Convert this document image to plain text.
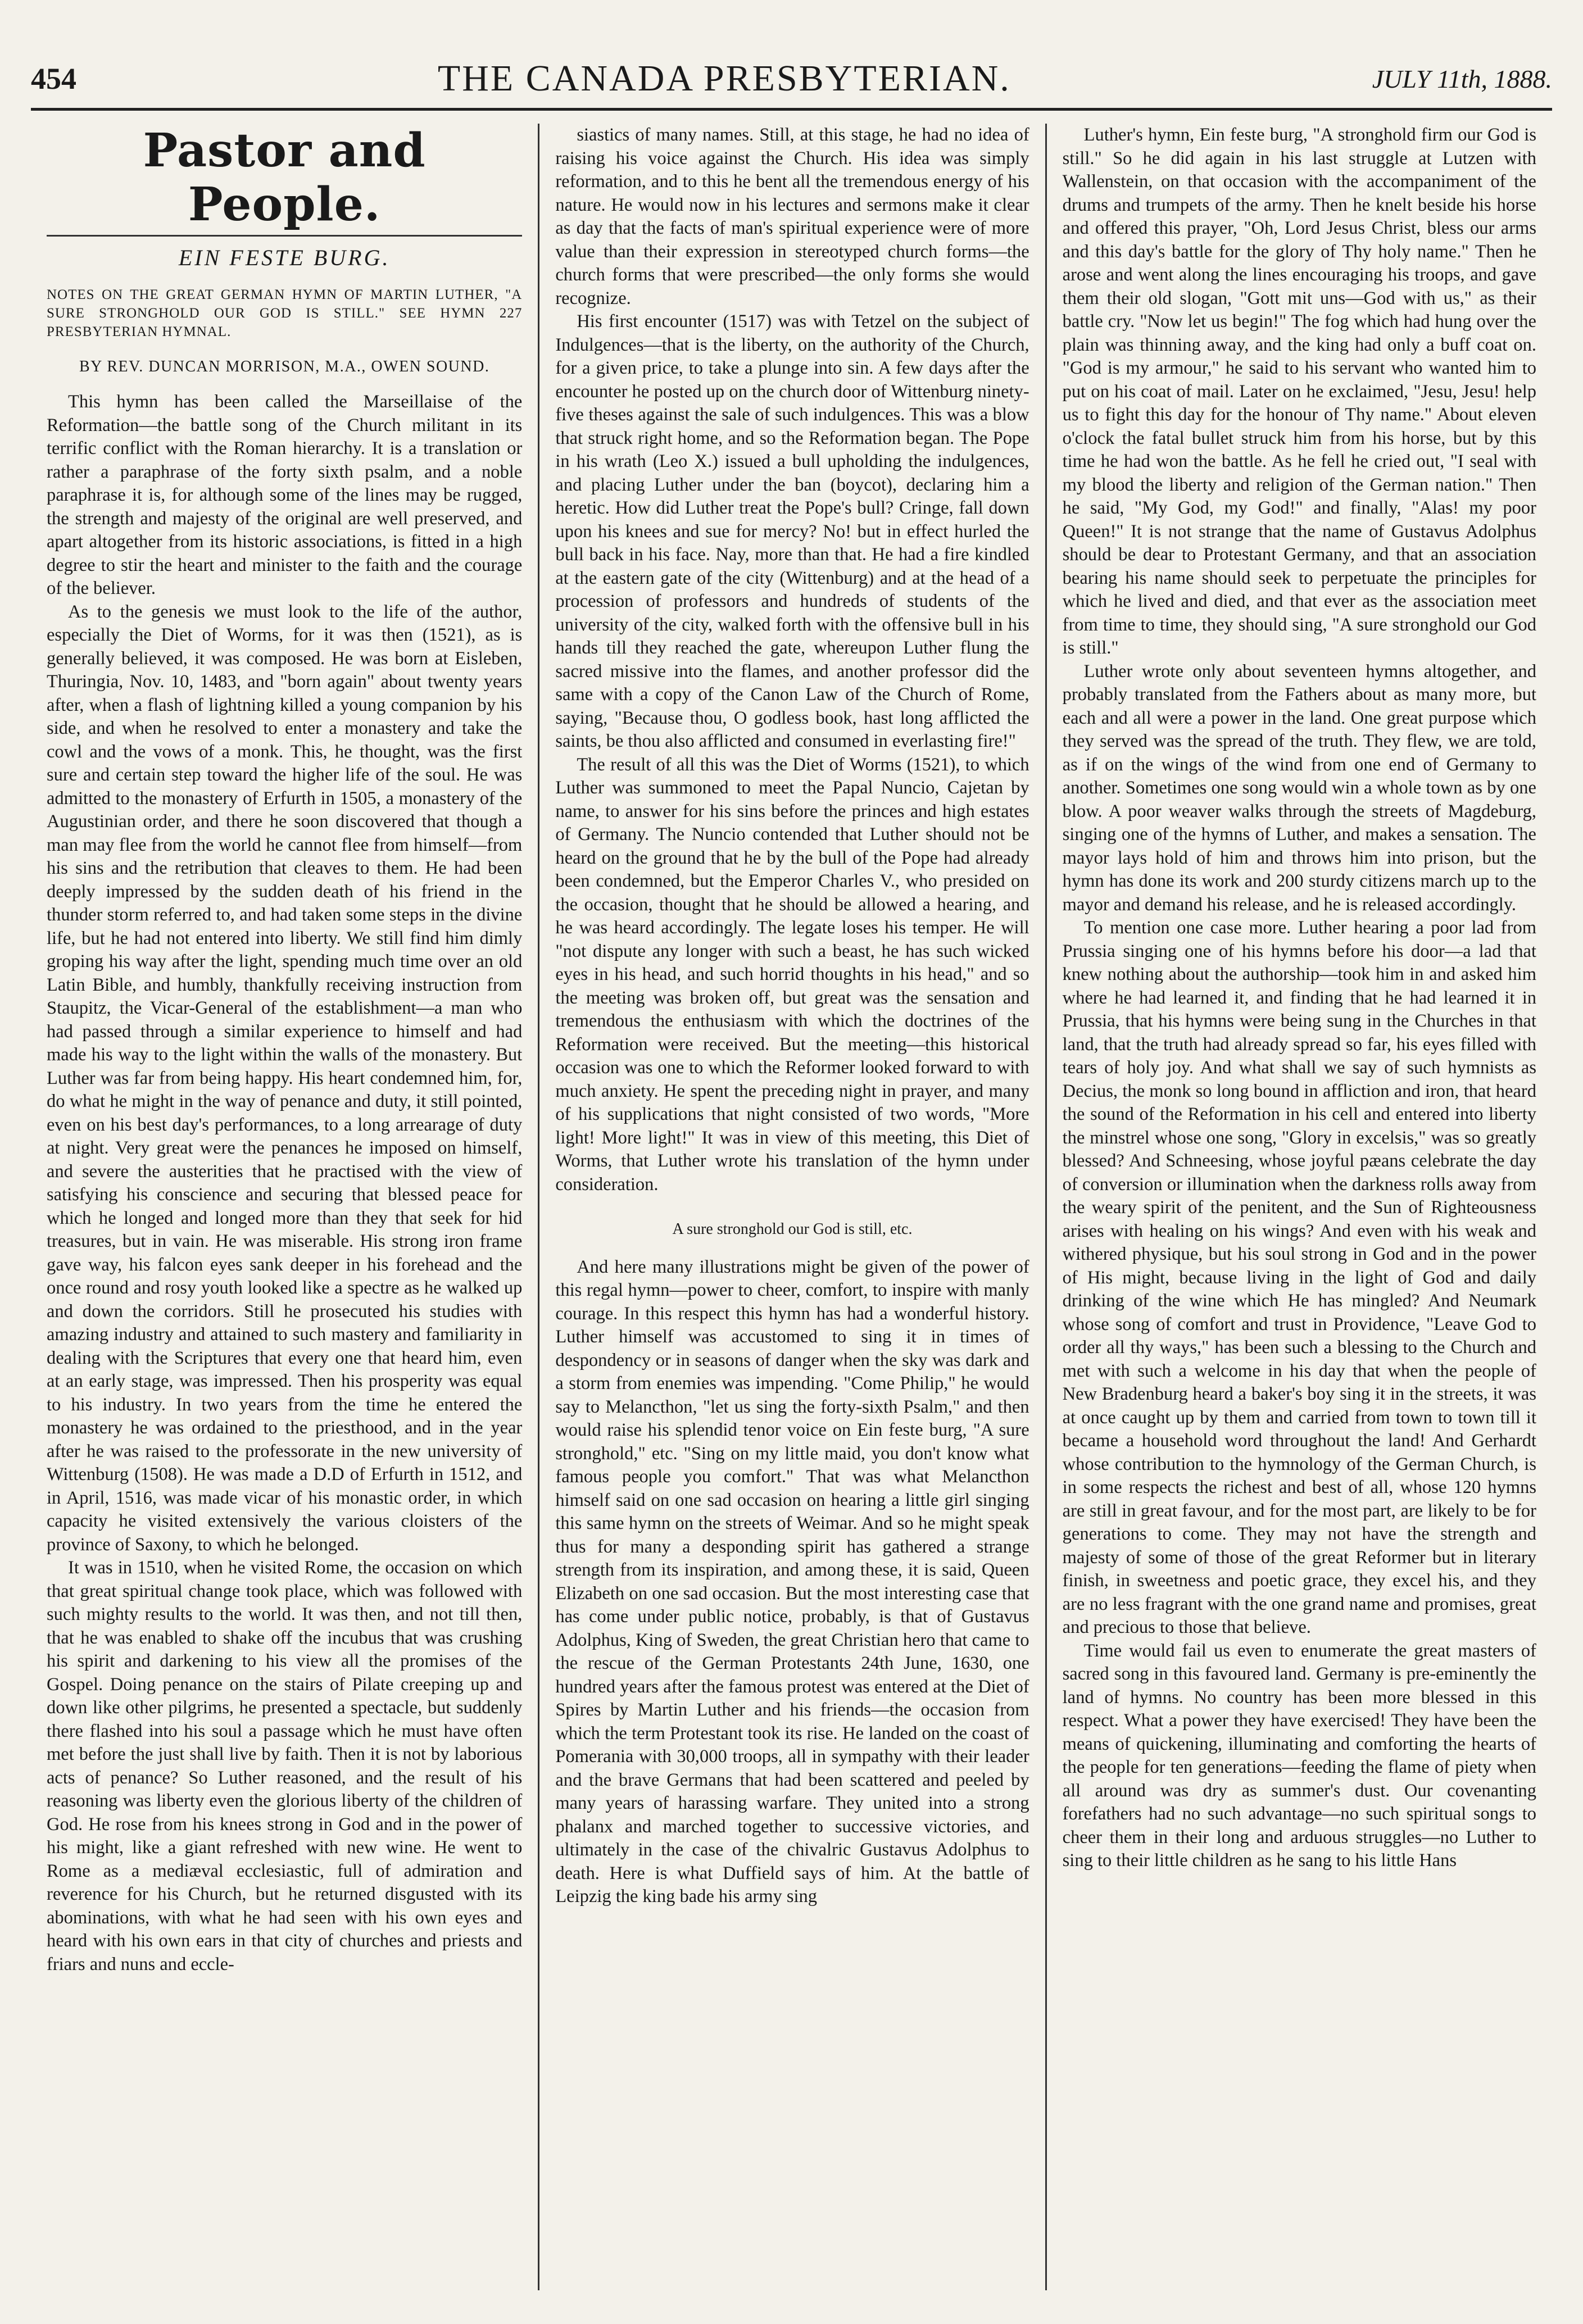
454	THE CANADA PRESBYTERIAN.	JULY 11th, 1888.
Pastor and People.
EIN FESTE BURG.
NOTES ON THE GREAT GERMAN HYMN OF MARTIN LUTHER, "A SURE STRONGHOLD OUR GOD IS STILL." SEE HYMN 227 PRESBYTERIAN HYMNAL.
BY REV. DUNCAN MORRISON, M.A., OWEN SOUND.

This hymn has been called the Marseillaise of the Reformation—the battle song of the Church militant in its terrific conflict with the Roman hierarchy. It is a translation or rather a paraphrase of the forty sixth psalm, and a noble paraphrase it is, for although some of the lines may be rugged, the strength and majesty of the original are well preserved, and apart altogether from its historic associations, is fitted in a high degree to stir the heart and minister to the faith and the courage of the believer.

As to the genesis we must look to the life of the author, especially the Diet of Worms, for it was then (1521), as is generally believed, it was composed. He was born at Eisleben, Thuringia, Nov. 10, 1483, and "born again" about twenty years after, when a flash of lightning killed a young companion by his side, and when he resolved to enter a monastery and take the cowl and the vows of a monk. This, he thought, was the first sure and certain step toward the higher life of the soul. He was admitted to the monastery of Erfurth in 1505, a monastery of the Augustinian order, and there he soon discovered that though a man may flee from the world he cannot flee from himself—from his sins and the retribution that cleaves to them. He had been deeply impressed by the sudden death of his friend in the thunder storm referred to, and had taken some steps in the divine life, but he had not entered into liberty. We still find him dimly groping his way after the light, spending much time over an old Latin Bible, and humbly, thankfully receiving instruction from Staupitz, the Vicar-General of the establishment—a man who had passed through a similar experience to himself and had made his way to the light within the walls of the monastery. But Luther was far from being happy. His heart condemned him, for, do what he might in the way of penance and duty, it still pointed, even on his best day's performances, to a long arrearage of duty at night. Very great were the penances he imposed on himself, and severe the austerities that he practised with the view of satisfying his conscience and securing that blessed peace for which he longed and longed more than they that seek for hid treasures, but in vain. He was miserable. His strong iron frame gave way, his falcon eyes sank deeper in his forehead and the once round and rosy youth looked like a spectre as he walked up and down the corridors. Still he prosecuted his studies with amazing industry and attained to such mastery and familiarity in dealing with the Scriptures that every one that heard him, even at an early stage, was impressed. Then his prosperity was equal to his industry. In two years from the time he entered the monastery he was ordained to the priesthood, and in the year after he was raised to the professorate in the new university of Wittenburg (1508). He was made a D.D of Erfurth in 1512, and in April, 1516, was made vicar of his monastic order, in which capacity he visited extensively the various cloisters of the province of Saxony, to which he belonged.

It was in 1510, when he visited Rome, the occasion on which that great spiritual change took place, which was followed with such mighty results to the world. It was then, and not till then, that he was enabled to shake off the incubus that was crushing his spirit and darkening to his view all the promises of the Gospel. Doing penance on the stairs of Pilate creeping up and down like other pilgrims, he presented a spectacle, but suddenly there flashed into his soul a passage which he must have often met before the just shall live by faith. Then it is not by laborious acts of penance? So Luther reasoned, and the result of his reasoning was liberty even the glorious liberty of the children of God. He rose from his knees strong in God and in the power of his might, like a giant refreshed with new wine. He went to Rome as a mediæval ecclesiastic, full of admiration and reverence for his Church, but he returned disgusted with its abominations, with what he had seen with his own eyes and heard with his own ears in that city of churches and priests and friars and nuns and eccle-

siastics of many names. Still, at this stage, he had no idea of raising his voice against the Church. His idea was simply reformation, and to this he bent all the tremendous energy of his nature. He would now in his lectures and sermons make it clear as day that the facts of man's spiritual experience were of more value than their expression in stereotyped church forms—the church forms that were prescribed—the only forms she would recognize.

His first encounter (1517) was with Tetzel on the subject of Indulgences—that is the liberty, on the authority of the Church, for a given price, to take a plunge into sin. A few days after the encounter he posted up on the church door of Wittenburg ninety-five theses against the sale of such indulgences. This was a blow that struck right home, and so the Reformation began. The Pope in his wrath (Leo X.) issued a bull upholding the indulgences, and placing Luther under the ban (boycot), declaring him a heretic. How did Luther treat the Pope's bull? Cringe, fall down upon his knees and sue for mercy? No! but in effect hurled the bull back in his face. Nay, more than that. He had a fire kindled at the eastern gate of the city (Wittenburg) and at the head of a procession of professors and hundreds of students of the university of the city, walked forth with the offensive bull in his hands till they reached the gate, whereupon Luther flung the sacred missive into the flames, and another professor did the same with a copy of the Canon Law of the Church of Rome, saying, "Because thou, O godless book, hast long afflicted the saints, be thou also afflicted and consumed in everlasting fire!"

The result of all this was the Diet of Worms (1521), to which Luther was summoned to meet the Papal Nuncio, Cajetan by name, to answer for his sins before the princes and high estates of Germany. The Nuncio contended that Luther should not be heard on the ground that he by the bull of the Pope had already been condemned, but the Emperor Charles V., who presided on the occasion, thought that he should be allowed a hearing, and he was heard accordingly. The legate loses his temper. He will "not dispute any longer with such a beast, he has such wicked eyes in his head, and such horrid thoughts in his head," and so the meeting was broken off, but great was the sensation and tremendous the enthusiasm with which the doctrines of the Reformation were received. But the meeting—this historical occasion was one to which the Reformer looked forward to with much anxiety. He spent the preceding night in prayer, and many of his supplications that night consisted of two words, "More light! More light!" It was in view of this meeting, this Diet of Worms, that Luther wrote his translation of the hymn under consideration.

A sure stronghold our God is still, etc.

And here many illustrations might be given of the power of this regal hymn—power to cheer, comfort, to inspire with manly courage. In this respect this hymn has had a wonderful history. Luther himself was accustomed to sing it in times of despondency or in seasons of danger when the sky was dark and a storm from enemies was impending. "Come Philip," he would say to Melancthon, "let us sing the forty-sixth Psalm," and then would raise his splendid tenor voice on Ein feste burg, "A sure stronghold," etc. "Sing on my little maid, you don't know what famous people you comfort." That was what Melancthon himself said on one sad occasion on hearing a little girl singing this same hymn on the streets of Weimar. And so he might speak thus for many a desponding spirit has gathered a strange strength from its inspiration, and among these, it is said, Queen Elizabeth on one sad occasion. But the most interesting case that has come under public notice, probably, is that of Gustavus Adolphus, King of Sweden, the great Christian hero that came to the rescue of the German Protestants 24th June, 1630, one hundred years after the famous protest was entered at the Diet of Spires by Martin Luther and his friends—the occasion from which the term Protestant took its rise. He landed on the coast of Pomerania with 30,000 troops, all in sympathy with their leader and the brave Germans that had been scattered and peeled by many years of harassing warfare. They united into a strong phalanx and marched together to successive victories, and ultimately in the case of the chivalric Gustavus Adolphus to death. Here is what Duffield says of him. At the battle of Leipzig the king bade his army sing

Luther's hymn, Ein feste burg, "A stronghold firm our God is still." So he did again in his last struggle at Lutzen with Wallenstein, on that occasion with the accompaniment of the drums and trumpets of the army. Then he knelt beside his horse and offered this prayer, "Oh, Lord Jesus Christ, bless our arms and this day's battle for the glory of Thy holy name." Then he arose and went along the lines encouraging his troops, and gave them their old slogan, "Gott mit uns—God with us," as their battle cry. "Now let us begin!" The fog which had hung over the plain was thinning away, and the king had only a buff coat on. "God is my armour," he said to his servant who wanted him to put on his coat of mail. Later on he exclaimed, "Jesu, Jesu! help us to fight this day for the honour of Thy name." About eleven o'clock the fatal bullet struck him from his horse, but by this time he had won the battle. As he fell he cried out, "I seal with my blood the liberty and religion of the German nation." Then he said, "My God, my God!" and finally, "Alas! my poor Queen!" It is not strange that the name of Gustavus Adolphus should be dear to Protestant Germany, and that an association bearing his name should seek to perpetuate the principles for which he lived and died, and that ever as the association meet from time to time, they should sing, "A sure stronghold our God is still."

Luther wrote only about seventeen hymns altogether, and probably translated from the Fathers about as many more, but each and all were a power in the land. One great purpose which they served was the spread of the truth. They flew, we are told, as if on the wings of the wind from one end of Germany to another. Sometimes one song would win a whole town as by one blow. A poor weaver walks through the streets of Magdeburg, singing one of the hymns of Luther, and makes a sensation. The mayor lays hold of him and throws him into prison, but the hymn has done its work and 200 sturdy citizens march up to the mayor and demand his release, and he is released accordingly.

To mention one case more. Luther hearing a poor lad from Prussia singing one of his hymns before his door—a lad that knew nothing about the authorship—took him in and asked him where he had learned it, and finding that he had learned it in Prussia, that his hymns were being sung in the Churches in that land, that the truth had already spread so far, his eyes filled with tears of holy joy. And what shall we say of such hymnists as Decius, the monk so long bound in affliction and iron, that heard the sound of the Reformation in his cell and entered into liberty the minstrel whose one song, "Glory in excelsis," was so greatly blessed? And Schneesing, whose joyful pæans celebrate the day of conversion or illumination when the darkness rolls away from the weary spirit of the penitent, and the Sun of Righteousness arises with healing on his wings? And even with his weak and withered physique, but his soul strong in God and in the power of His might, because living in the light of God and daily drinking of the wine which He has mingled? And Neumark whose song of comfort and trust in Providence, "Leave God to order all thy ways," has been such a blessing to the Church and met with such a welcome in his day that when the people of New Bradenburg heard a baker's boy sing it in the streets, it was at once caught up by them and carried from town to town till it became a household word throughout the land! And Gerhardt whose contribution to the hymnology of the German Church, is in some respects the richest and best of all, whose 120 hymns are still in great favour, and for the most part, are likely to be for generations to come. They may not have the strength and majesty of some of those of the great Reformer but in literary finish, in sweetness and poetic grace, they excel his, and they are no less fragrant with the one grand name and promises, great and precious to those that believe.

Time would fail us even to enumerate the great masters of sacred song in this favoured land. Germany is pre-eminently the land of hymns. No country has been more blessed in this respect. What a power they have exercised! They have been the means of quickening, illuminating and comforting the hearts of the people for ten generations—feeding the flame of piety when all around was dry as summer's dust. Our covenanting forefathers had no such advantage—no such spiritual songs to cheer them in their long and arduous struggles—no Luther to sing to their little children as he sang to his little Hans
